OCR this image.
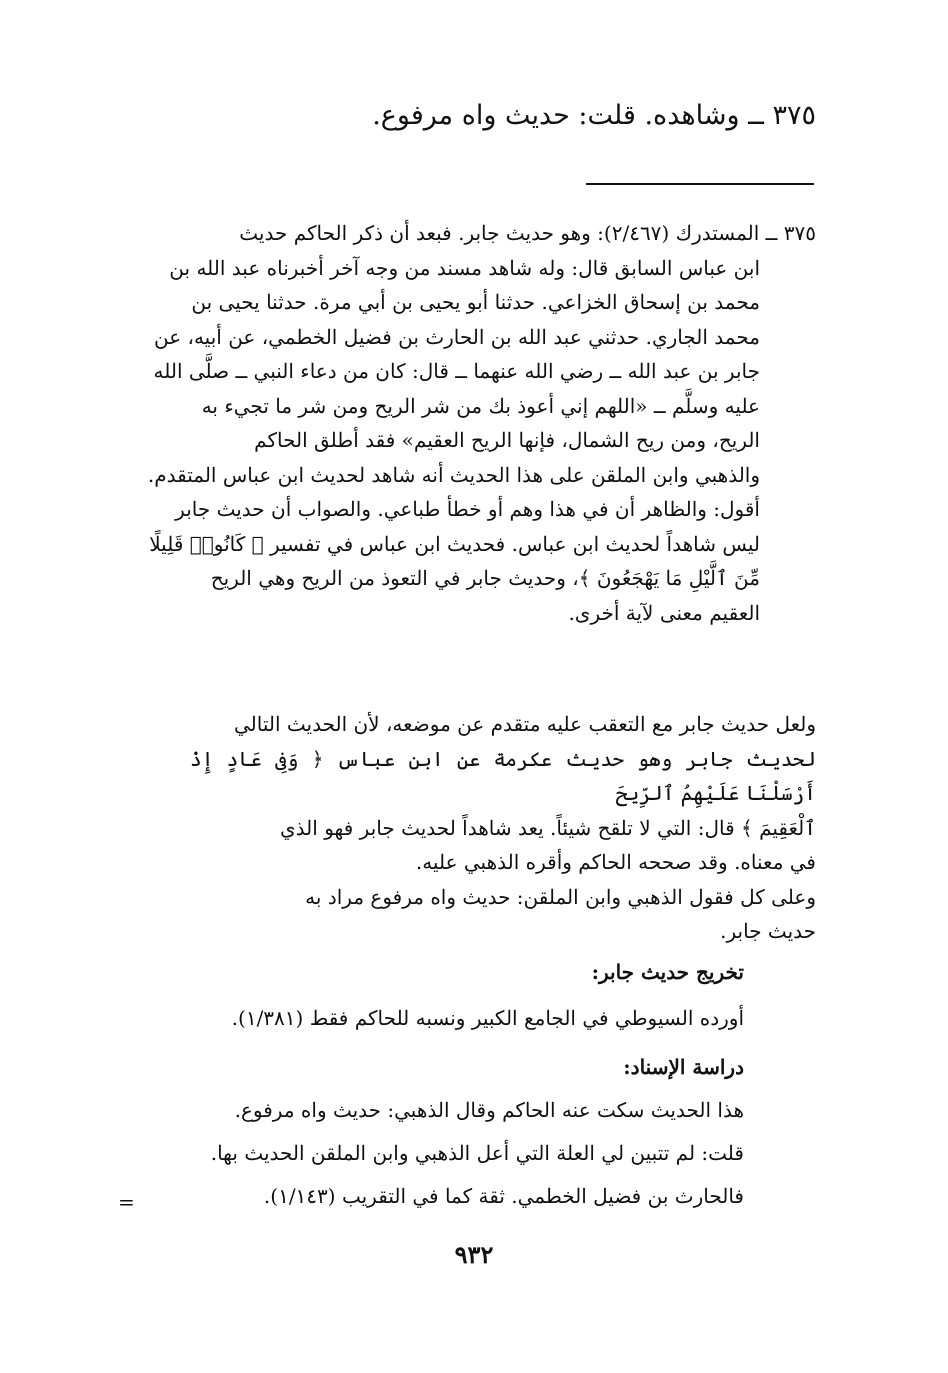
٣٧٥ ــ وشاهده. قلت: حديث واه مرفوع.

٣٧٥ ــ المستدرك (٢/٤٦٧): وهو حديث جابر. فبعد أن ذكر الحاكم حديث

ابن عباس السابق قال: وله شاهد مسند من وجه آخر أخبرناه عبد الله بن

محمد بن إسحاق الخزاعي. حدثنا أبو يحيى بن أبي مرة. حدثنا يحيى بن

محمد الجاري. حدثني عبد الله بن الحارث بن فضيل الخطمي، عن أبيه، عن

جابر بن عبد الله ــ رضي الله عنهما ــ قال: كان من دعاء النبي ــ صلَّى الله

عليه وسلَّم ــ «اللهم إني أعوذ بك من شر الريح ومن شر ما تجيء به

الريح، ومن ريح الشمال، فإنها الريح العقيم» فقد أطلق الحاكم

والذهبي وابن الملقن على هذا الحديث أنه شاهد لحديث ابن عباس المتقدم.

أقول: والظاهر أن في هذا وهم أو خطأ طباعي. والصواب أن حديث جابر

ليس شاهداً لحديث ابن عباس. فحديث ابن عباس في تفسير ﴿ كَانُوا۟ قَلِيلًا

مِّنَ ٱلَّيْلِ مَا يَهْجَعُونَ ﴾، وحديث جابر في التعوذ من الريح وهي الريح

العقيم معنى لآية أخرى.

ولعل حديث جابر مع التعقب عليه متقدم عن موضعه، لأن الحديث التالي

لحديث جابر وهو حديث عكرمة عن ابن عباس ﴿ وَفِى عَادٍ إِذْ أَرْسَلْنَا عَلَيْهِمُ ٱلرِّيحَ

ٱلْعَقِيمَ ﴾ قال: التي لا تلقح شيئاً. يعد شاهداً لحديث جابر فهو الذي

في معناه. وقد صححه الحاكم وأقره الذهبي عليه.

وعلى كل فقول الذهبي وابن الملقن: حديث واه مرفوع مراد به

حديث جابر.

تخريج حديث جابر:
أورده السيوطي في الجامع الكبير ونسبه للحاكم فقط (١/٣٨١).
دراسة الإسناد:
هذا الحديث سكت عنه الحاكم وقال الذهبي: حديث واه مرفوع.
قلت: لم تتبين لي العلة التي أعل الذهبي وابن الملقن الحديث بها.
فالحارث بن فضيل الخطمي. ثقة كما في التقريب (١/١٤٣).
=
٩٣٢
